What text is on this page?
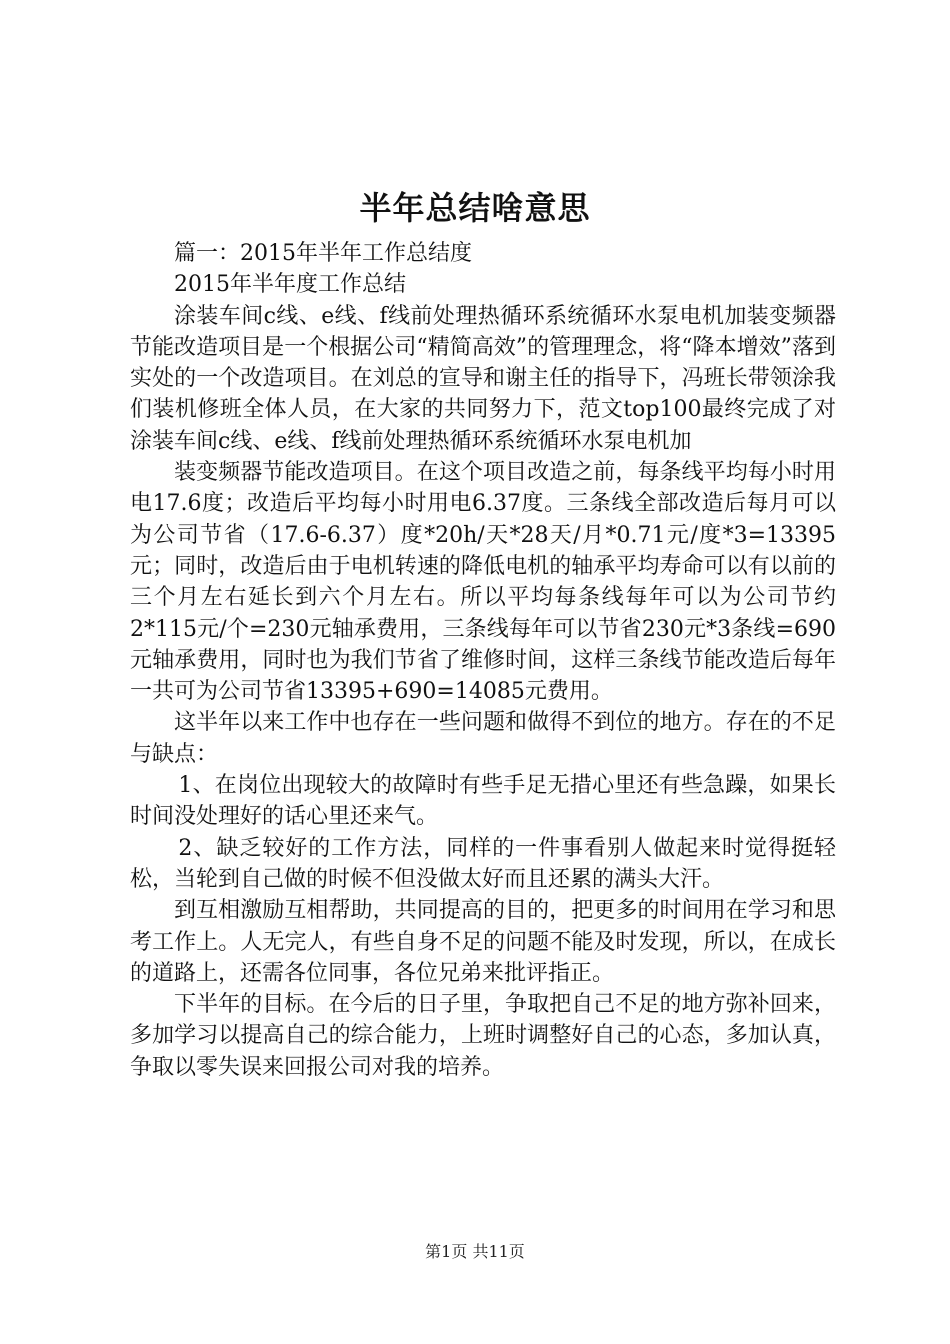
半年总结啥意思

篇一：2015年半年工作总结度

2015年半年度工作总结

涂装车间c线、e线、f线前处理热循环系统循环水泵电机加装变频器节能改造项目是一个根据公司“精简高效”的管理理念，将“降本增效”落到实处的一个改造项目。在刘总的宣导和谢主任的指导下，冯班长带领涂我们装机修班全体人员，在大家的共同努力下，范文top100最终完成了对涂装车间c线、e线、f线前处理热循环系统循环水泵电机加

装变频器节能改造项目。在这个项目改造之前，每条线平均每小时用电17.6度；改造后平均每小时用电6.37度。三条线全部改造后每月可以为公司节省（17.6-6.37）度*20h/天*28天/月*0.71元/度*3=13395元；同时，改造后由于电机转速的降低电机的轴承平均寿命可以有以前的三个月左右延长到六个月左右。所以平均每条线每年可以为公司节约2*115元/个=230元轴承费用，三条线每年可以节省230元*3条线=690元轴承费用，同时也为我们节省了维修时间，这样三条线节能改造后每年一共可为公司节省13395+690=14085元费用。

这半年以来工作中也存在一些问题和做得不到位的地方。存在的不足与缺点：

1、在岗位出现较大的故障时有些手足无措心里还有些急躁，如果长时间没处理好的话心里还来气。

2、缺乏较好的工作方法，同样的一件事看别人做起来时觉得挺轻松，当轮到自己做的时候不但没做太好而且还累的满头大汗。

到互相激励互相帮助，共同提高的目的，把更多的时间用在学习和思考工作上。人无完人，有些自身不足的问题不能及时发现，所以，在成长的道路上，还需各位同事，各位兄弟来批评指正。

下半年的目标。在今后的日子里，争取把自己不足的地方弥补回来，多加学习以提高自己的综合能力，上班时调整好自己的心态，多加认真，争取以零失误来回报公司对我的培养。

第1页 共11页
